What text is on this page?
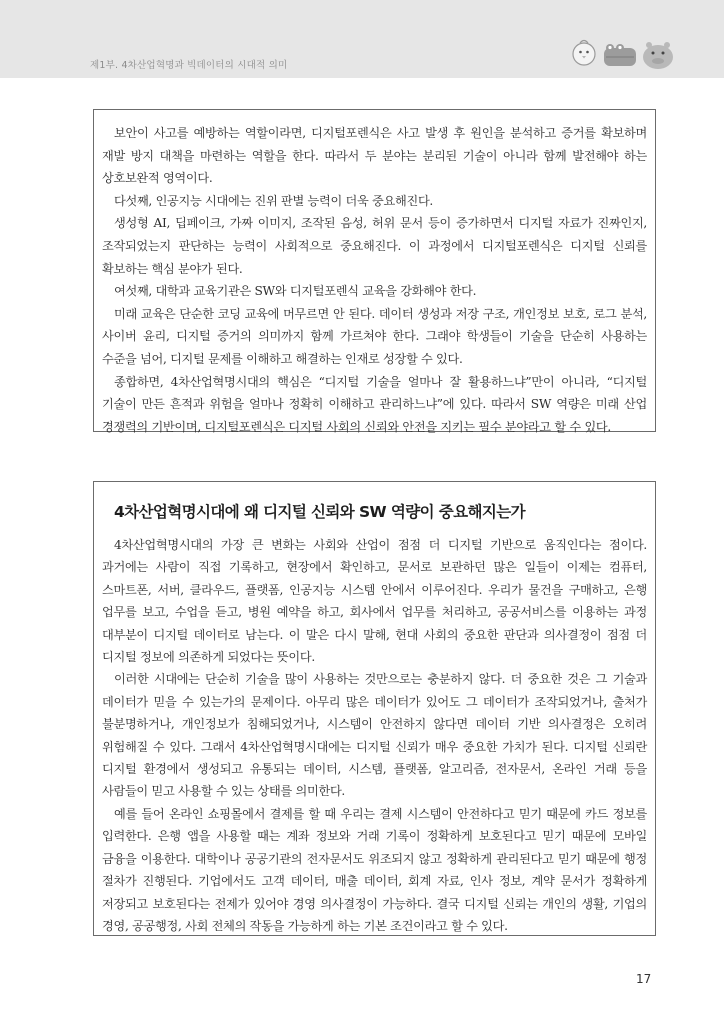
제1부. 4차산업혁명과 빅데이터의 시대적 의미

보안이 사고를 예방하는 역할이라면, 디지털포렌식은 사고 발생 후 원인을 분석하고 증거를 확보하며 재발 방지 대책을 마련하는 역할을 한다. 따라서 두 분야는 분리된 기술이 아니라 함께 발전해야 하는 상호보완적 영역이다.

다섯째, 인공지능 시대에는 진위 판별 능력이 더욱 중요해진다.

생성형 AI, 딥페이크, 가짜 이미지, 조작된 음성, 허위 문서 등이 증가하면서 디지털 자료가 진짜인지, 조작되었는지 판단하는 능력이 사회적으로 중요해진다. 이 과정에서 디지털포렌식은 디지털 신뢰를 확보하는 핵심 분야가 된다.

여섯째, 대학과 교육기관은 SW와 디지털포렌식 교육을 강화해야 한다.

미래 교육은 단순한 코딩 교육에 머무르면 안 된다. 데이터 생성과 저장 구조, 개인정보 보호, 로그 분석, 사이버 윤리, 디지털 증거의 의미까지 함께 가르쳐야 한다. 그래야 학생들이 기술을 단순히 사용하는 수준을 넘어, 디지털 문제를 이해하고 해결하는 인재로 성장할 수 있다.

종합하면, 4차산업혁명시대의 핵심은 “디지털 기술을 얼마나 잘 활용하느냐”만이 아니라, “디지털 기술이 만든 흔적과 위험을 얼마나 정확히 이해하고 관리하느냐”에 있다. 따라서 SW 역량은 미래 산업 경쟁력의 기반이며, 디지털포렌식은 디지털 사회의 신뢰와 안전을 지키는 필수 분야라고 할 수 있다.

4차산업혁명시대에 왜 디지털 신뢰와 SW 역량이 중요해지는가

4차산업혁명시대의 가장 큰 변화는 사회와 산업이 점점 더 디지털 기반으로 움직인다는 점이다. 과거에는 사람이 직접 기록하고, 현장에서 확인하고, 문서로 보관하던 많은 일들이 이제는 컴퓨터, 스마트폰, 서버, 클라우드, 플랫폼, 인공지능 시스템 안에서 이루어진다. 우리가 물건을 구매하고, 은행 업무를 보고, 수업을 듣고, 병원 예약을 하고, 회사에서 업무를 처리하고, 공공서비스를 이용하는 과정 대부분이 디지털 데이터로 남는다. 이 말은 다시 말해, 현대 사회의 중요한 판단과 의사결정이 점점 더 디지털 정보에 의존하게 되었다는 뜻이다.

이러한 시대에는 단순히 기술을 많이 사용하는 것만으로는 충분하지 않다. 더 중요한 것은 그 기술과 데이터가 믿을 수 있는가의 문제이다. 아무리 많은 데이터가 있어도 그 데이터가 조작되었거나, 출처가 불분명하거나, 개인정보가 침해되었거나, 시스템이 안전하지 않다면 데이터 기반 의사결정은 오히려 위험해질 수 있다. 그래서 4차산업혁명시대에는 디지털 신뢰가 매우 중요한 가치가 된다. 디지털 신뢰란 디지털 환경에서 생성되고 유통되는 데이터, 시스템, 플랫폼, 알고리즘, 전자문서, 온라인 거래 등을 사람들이 믿고 사용할 수 있는 상태를 의미한다.

예를 들어 온라인 쇼핑몰에서 결제를 할 때 우리는 결제 시스템이 안전하다고 믿기 때문에 카드 정보를 입력한다. 은행 앱을 사용할 때는 계좌 정보와 거래 기록이 정확하게 보호된다고 믿기 때문에 모바일 금융을 이용한다. 대학이나 공공기관의 전자문서도 위조되지 않고 정확하게 관리된다고 믿기 때문에 행정 절차가 진행된다. 기업에서도 고객 데이터, 매출 데이터, 회계 자료, 인사 정보, 계약 문서가 정확하게 저장되고 보호된다는 전제가 있어야 경영 의사결정이 가능하다. 결국 디지털 신뢰는 개인의 생활, 기업의 경영, 공공행정, 사회 전체의 작동을 가능하게 하는 기본 조건이라고 할 수 있다.

17
